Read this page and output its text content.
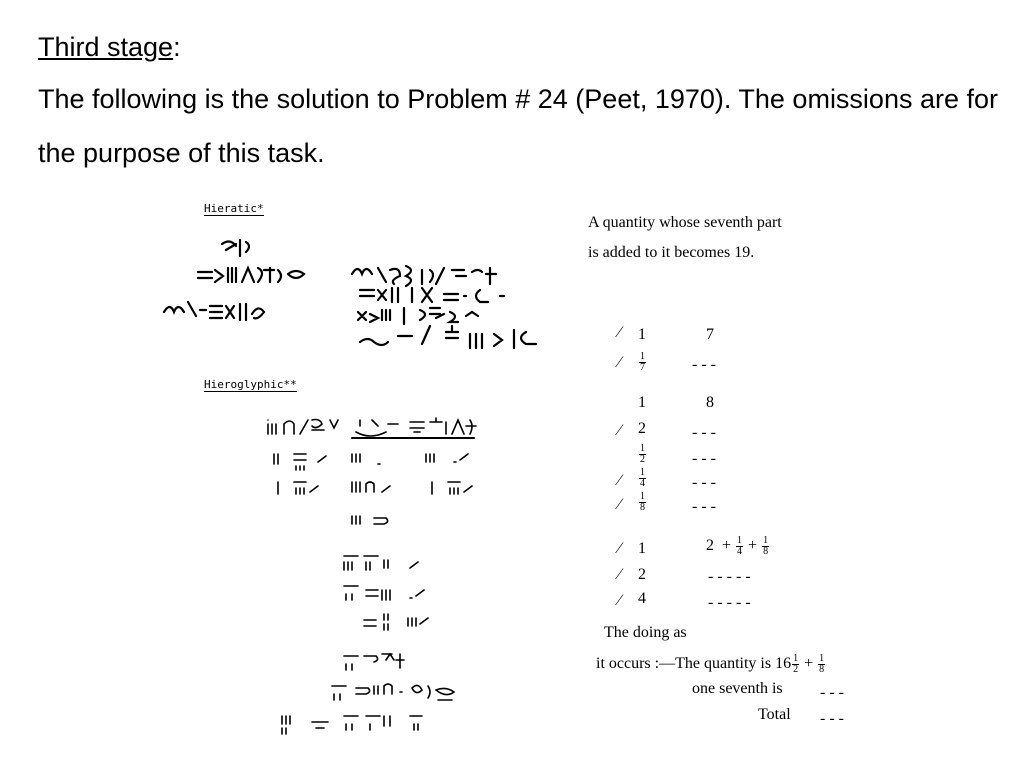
Third stage:
The following is the solution to Problem # 24 (Peet, 1970). The omissions are for the purpose of this task.
Hieratic*
Hieroglyphic**
A quantity whose seventh part
is added to it becomes 19.
⁄ 1	7
⁄ $\frac{1}{7}$	- - -
1	8
⁄ 2	- - -
$\frac{1}{2}$	- - -
⁄ $\frac{1}{4}$	- - -
⁄ $\frac{1}{8}$	- - -
⁄ 1	$2 + \frac{1}{4} + \frac{1}{8}$
⁄ 2	- - - - -
⁄ 4	- - - - -
The doing as
it occurs :—The quantity is $16 \frac{1}{2} + \frac{1}{8}$
one seventh is - - -
Total - - -
